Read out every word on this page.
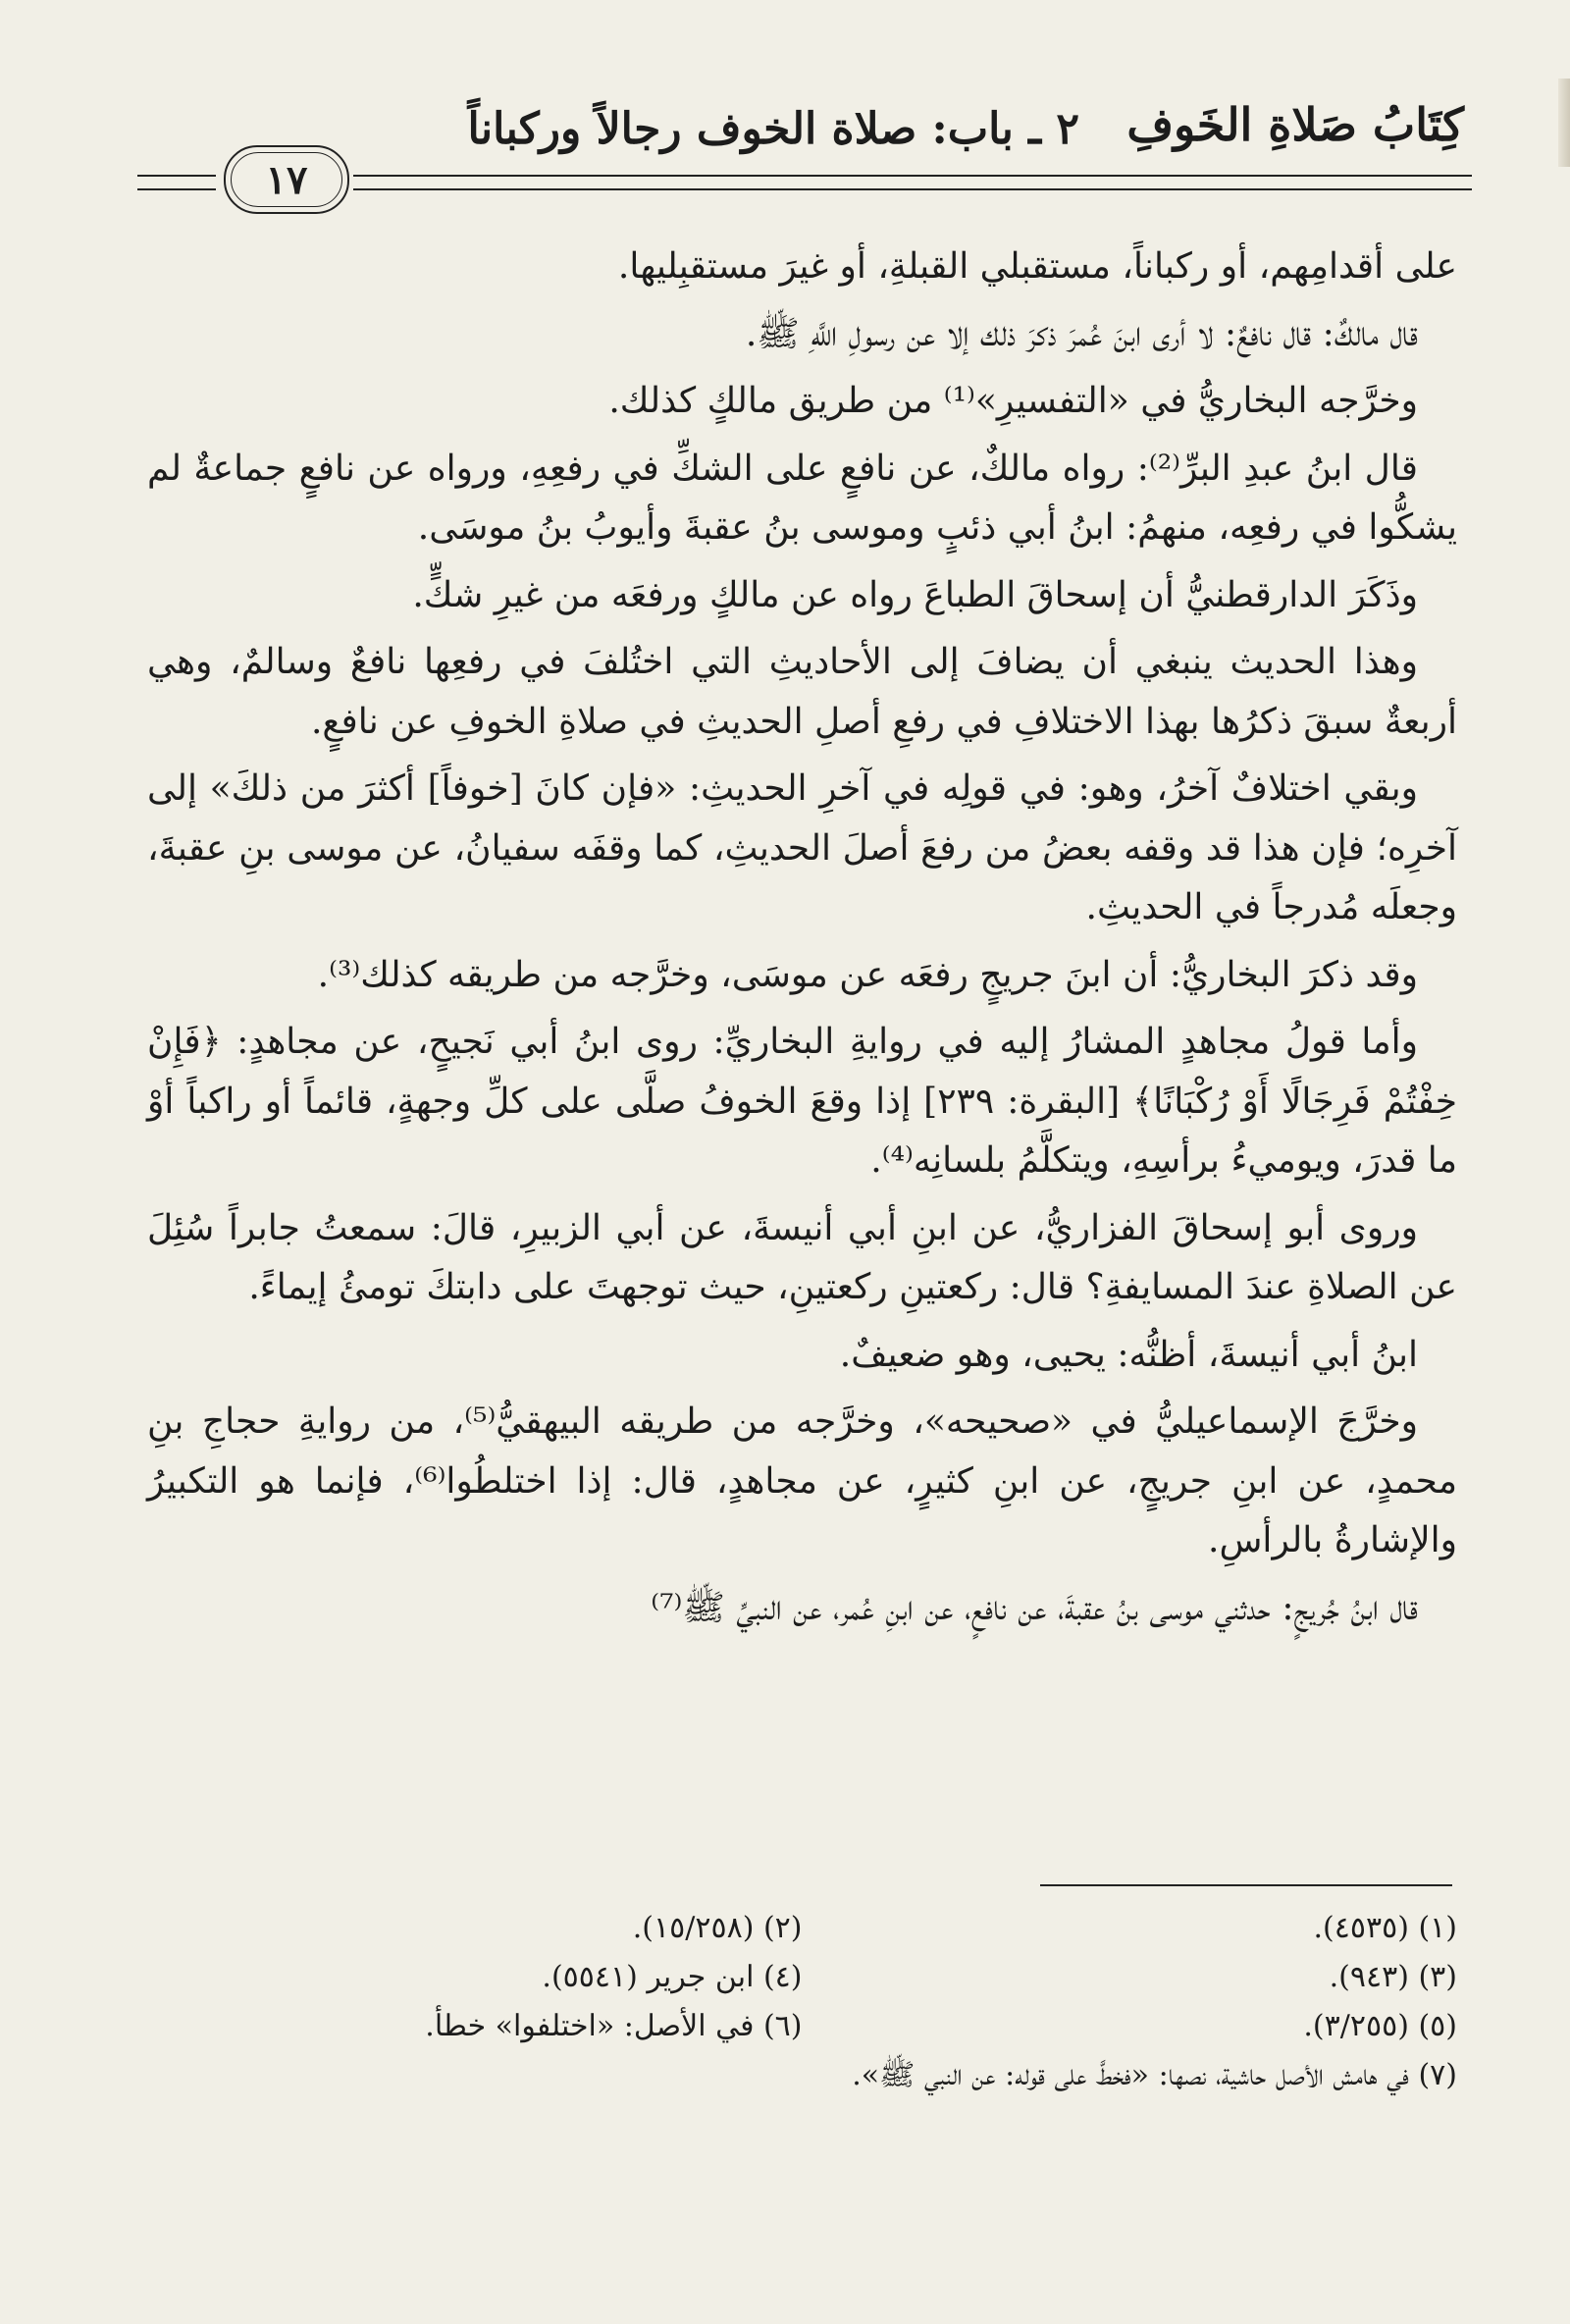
كِتَابُ صَلاةِ الخَوفِ
٢ ـ باب: صلاة الخوف رجالاً وركباناً
١٧

على أقدامِهم، أو ركباناً، مستقبلي القبلةِ، أو غيرَ مستقبِليها.

قال مالكٌ: قال نافعٌ: لا أرى ابنَ عُمرَ ذكرَ ذلك إلا عن رسولِ اللَّهِ ﷺ.

وخرَّجه البخاريُّ في «التفسيرِ»⁽¹⁾ من طريق مالكٍ كذلك.

قال ابنُ عبدِ البرِّ⁽²⁾: رواه مالكٌ، عن نافعٍ على الشكِّ في رفعِهِ، ورواه عن نافعٍ جماعةٌ لم يشكُّوا في رفعِه، منهمُ: ابنُ أبي ذئبٍ وموسى بنُ عقبةَ وأيوبُ بنُ موسَى.

وذَكَرَ الدارقطنيُّ أن إسحاقَ الطباعَ رواه عن مالكٍ ورفعَه من غيرِ شكٍّ.

وهذا الحديث ينبغي أن يضافَ إلى الأحاديثِ التي اختُلفَ في رفعِها نافعٌ وسالمٌ، وهي أربعةٌ سبقَ ذكرُها بهذا الاختلافِ في رفعِ أصلِ الحديثِ في صلاةِ الخوفِ عن نافعٍ.

وبقي اختلافٌ آخرُ، وهو: في قولِه في آخرِ الحديثِ: «فإن كانَ [خوفاً] أكثرَ من ذلكَ» إلى آخرِه؛ فإن هذا قد وقفه بعضُ من رفعَ أصلَ الحديثِ، كما وقفَه سفيانُ، عن موسى بنِ عقبةَ، وجعلَه مُدرجاً في الحديثِ.

وقد ذكرَ البخاريُّ: أن ابنَ جريجٍ رفعَه عن موسَى، وخرَّجه من طريقه كذلك⁽³⁾.

وأما قولُ مجاهدٍ المشارُ إليه في روايةِ البخاريِّ: روى ابنُ أبي نَجيحٍ، عن مجاهدٍ: ﴿فَإِنْ خِفْتُمْ فَرِجَالًا أَوْ رُكْبَانًا﴾ [البقرة: ٢٣٩] إذا وقعَ الخوفُ صلَّى على كلِّ وجهةٍ، قائماً أو راكباً أوْ ما قدرَ، ويوميءُ برأسِهِ، ويتكلَّمُ بلسانِه⁽⁴⁾.

وروى أبو إسحاقَ الفزاريُّ، عن ابنِ أبي أنيسةَ، عن أبي الزبيرِ، قالَ: سمعتُ جابراً سُئِلَ عن الصلاةِ عندَ المسايفةِ؟ قال: ركعتينِ ركعتينِ، حيث توجهتَ على دابتكَ تومئُ إيماءً.

ابنُ أبي أنيسةَ، أظنُّه: يحيى، وهو ضعيفٌ.

وخرَّجَ الإسماعيليُّ في «صحيحه»، وخرَّجه من طريقه البيهقيُّ⁽⁵⁾، من روايةِ حجاجِ بنِ محمدٍ، عن ابنِ جريجٍ، عن ابنِ كثيرٍ، عن مجاهدٍ، قال: إذا اختلطُوا⁽⁶⁾، فإنما هو التكبيرُ والإشارةُ بالرأسِ.

قال ابنُ جُريجٍ: حدثني موسى بنُ عقبةَ، عن نافعٍ، عن ابنِ عُمر، عن النبيِّ ﷺ⁽⁷⁾

(١) (٤٥٣٥).
(٢) (١٥/٢٥٨).
(٣) (٩٤٣).
(٤) ابن جرير (٥٥٤١).
(٥) (٣/٢٥٥).
(٦) في الأصل: «اختلفوا» خطأ.
(٧) في هامش الأصل حاشية، نصها: «فخطَّ على قوله: عن النبي ﷺ».
